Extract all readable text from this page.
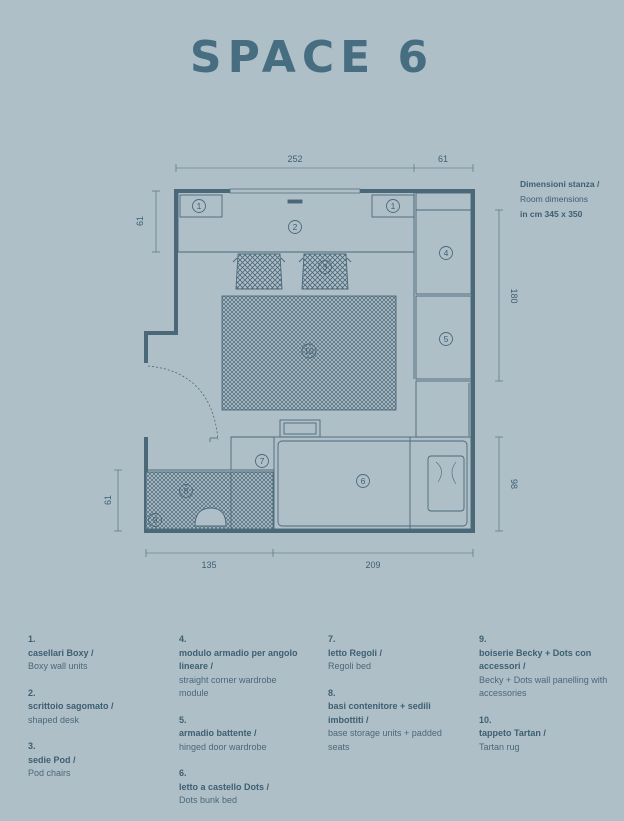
SPACE 6
252	61
61
180
98
61
135	209
1	1
2
3
4
5
6
7
8
9
10
Dimensioni stanza /
Room dimensions
in cm 345 x 350
1.
casellari Boxy /
Boxy wall units
2.
scrittoio sagomato /
shaped desk
3.
sedie Pod /
Pod chairs
4.
modulo armadio per angolo lineare /
straight corner wardrobe module
5.
armadio battente /
hinged door wardrobe
6.
letto a castello Dots /
Dots bunk bed
7.
letto Regoli /
Regoli bed
8.
basi contenitore + sedili imbottiti /
base storage units + padded seats
9.
boiserie Becky + Dots con accessori /
Becky + Dots wall panelling with accessories
10.
tappeto Tartan /
Tartan rug
